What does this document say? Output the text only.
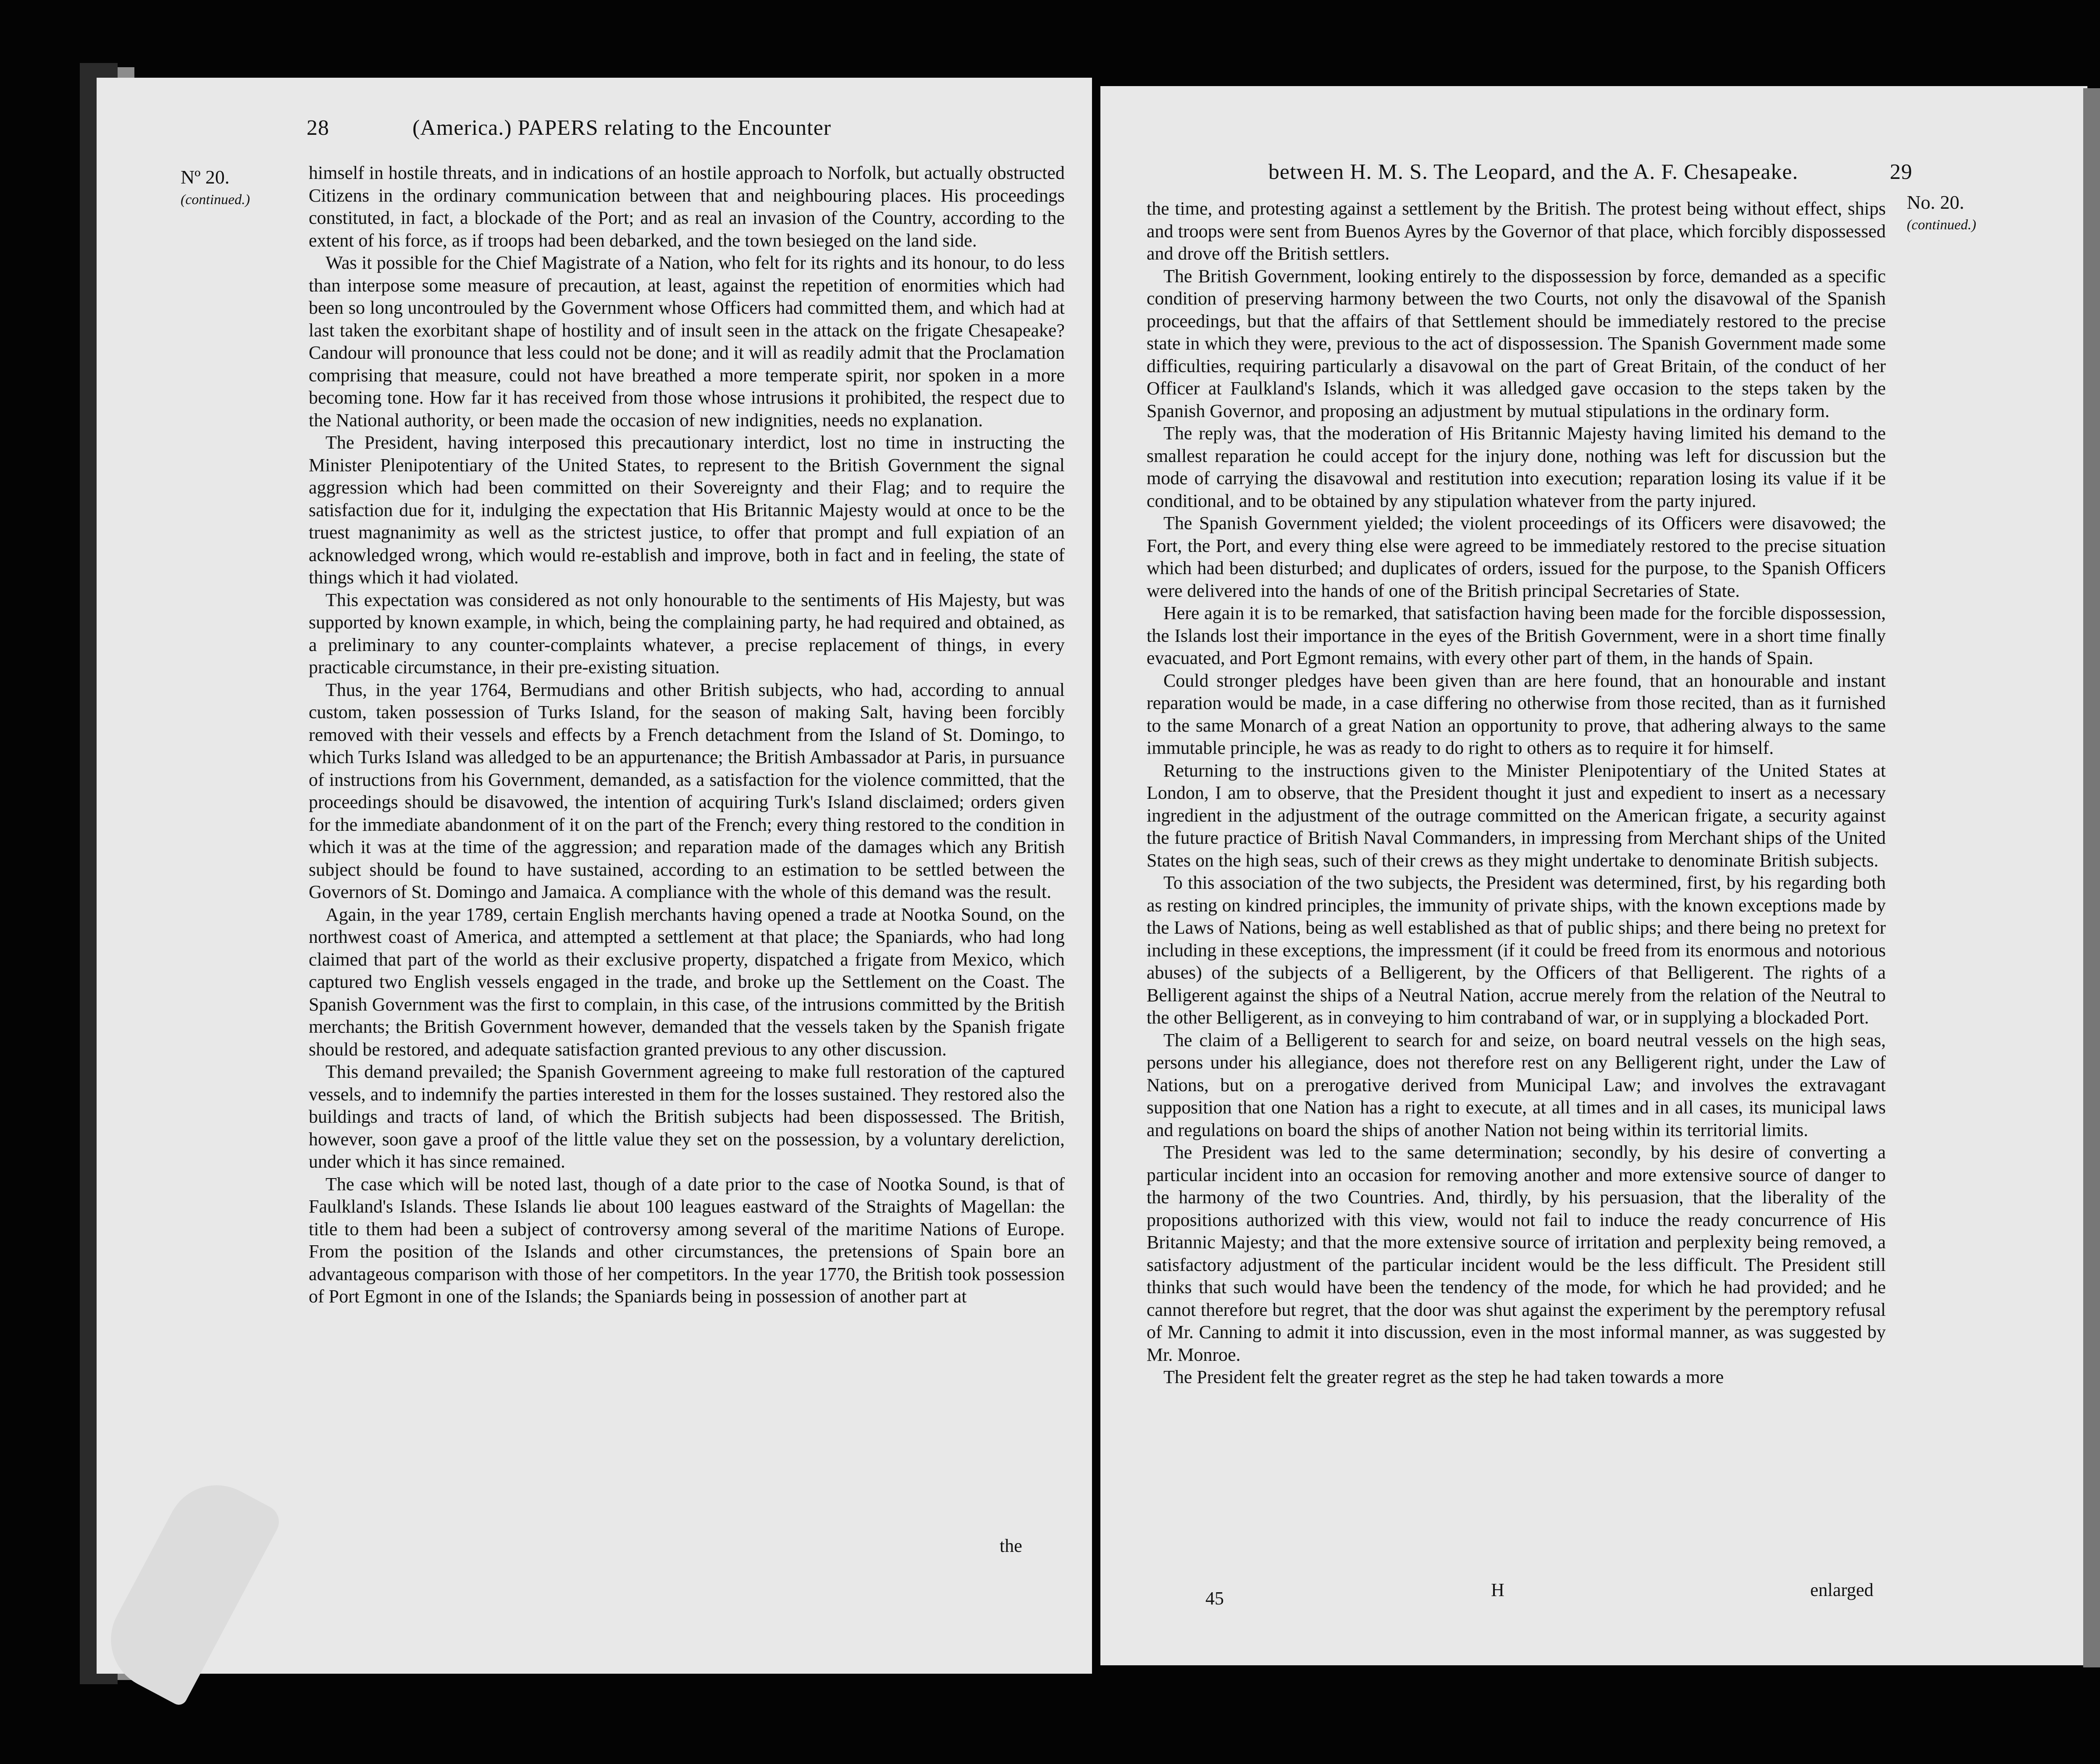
28	(America.) PAPERS relating to the Encounter
Nº 20.
(continued.)

himself in hostile threats, and in indications of an hostile approach to Norfolk, but actually obstructed Citizens in the ordinary communication between that and neighbouring places. His proceedings constituted, in fact, a blockade of the Port; and as real an invasion of the Country, according to the extent of his force, as if troops had been debarked, and the town besieged on the land side.

Was it possible for the Chief Magistrate of a Nation, who felt for its rights and its honour, to do less than interpose some measure of precaution, at least, against the repetition of enormities which had been so long uncontrouled by the Government whose Officers had committed them, and which had at last taken the exorbitant shape of hostility and of insult seen in the attack on the frigate Chesapeake? Candour will pronounce that less could not be done; and it will as readily admit that the Proclamation comprising that measure, could not have breathed a more temperate spirit, nor spoken in a more becoming tone. How far it has received from those whose intrusions it prohibited, the respect due to the National authority, or been made the occasion of new indignities, needs no explanation.

The President, having interposed this precautionary interdict, lost no time in instructing the Minister Plenipotentiary of the United States, to represent to the British Government the signal aggression which had been committed on their Sovereignty and their Flag; and to require the satisfaction due for it, indulging the expectation that His Britannic Majesty would at once to be the truest magnanimity as well as the strictest justice, to offer that prompt and full expiation of an acknowledged wrong, which would re-establish and improve, both in fact and in feeling, the state of things which it had violated.

This expectation was considered as not only honourable to the sentiments of His Majesty, but was supported by known example, in which, being the complaining party, he had required and obtained, as a preliminary to any counter-complaints whatever, a precise replacement of things, in every practicable circumstance, in their pre-existing situation.

Thus, in the year 1764, Bermudians and other British subjects, who had, according to annual custom, taken possession of Turks Island, for the season of making Salt, having been forcibly removed with their vessels and effects by a French detachment from the Island of St. Domingo, to which Turks Island was alledged to be an appurtenance; the British Ambassador at Paris, in pursuance of instructions from his Government, demanded, as a satisfaction for the violence committed, that the proceedings should be disavowed, the intention of acquiring Turk's Island disclaimed; orders given for the immediate abandonment of it on the part of the French; every thing restored to the condition in which it was at the time of the aggression; and reparation made of the damages which any British subject should be found to have sustained, according to an estimation to be settled between the Governors of St. Domingo and Jamaica. A compliance with the whole of this demand was the result.

Again, in the year 1789, certain English merchants having opened a trade at Nootka Sound, on the northwest coast of America, and attempted a settlement at that place; the Spaniards, who had long claimed that part of the world as their exclusive property, dispatched a frigate from Mexico, which captured two English vessels engaged in the trade, and broke up the Settlement on the Coast. The Spanish Government was the first to complain, in this case, of the intrusions committed by the British merchants; the British Government however, demanded that the vessels taken by the Spanish frigate should be restored, and adequate satisfaction granted previous to any other discussion.

This demand prevailed; the Spanish Government agreeing to make full restoration of the captured vessels, and to indemnify the parties interested in them for the losses sustained. They restored also the buildings and tracts of land, of which the British subjects had been dispossessed. The British, however, soon gave a proof of the little value they set on the possession, by a voluntary dereliction, under which it has since remained.

The case which will be noted last, though of a date prior to the case of Nootka Sound, is that of Faulkland's Islands. These Islands lie about 100 leagues eastward of the Straights of Magellan: the title to them had been a subject of controversy among several of the maritime Nations of Europe. From the position of the Islands and other circumstances, the pretensions of Spain bore an advantageous comparison with those of her competitors. In the year 1770, the British took possession of Port Egmont in one of the Islands; the Spaniards being in possession of another part at

the
between H. M. S. The Leopard, and the A. F. Chesapeake.	29
No. 20.
(continued.)

the time, and protesting against a settlement by the British. The protest being without effect, ships and troops were sent from Buenos Ayres by the Governor of that place, which forcibly dispossessed and drove off the British settlers.

The British Government, looking entirely to the dispossession by force, demanded as a specific condition of preserving harmony between the two Courts, not only the disavowal of the Spanish proceedings, but that the affairs of that Settlement should be immediately restored to the precise state in which they were, previous to the act of dispossession. The Spanish Government made some difficulties, requiring particularly a disavowal on the part of Great Britain, of the conduct of her Officer at Faulkland's Islands, which it was alledged gave occasion to the steps taken by the Spanish Governor, and proposing an adjustment by mutual stipulations in the ordinary form.

The reply was, that the moderation of His Britannic Majesty having limited his demand to the smallest reparation he could accept for the injury done, nothing was left for discussion but the mode of carrying the disavowal and restitution into execution; reparation losing its value if it be conditional, and to be obtained by any stipulation whatever from the party injured.

The Spanish Government yielded; the violent proceedings of its Officers were disavowed; the Fort, the Port, and every thing else were agreed to be immediately restored to the precise situation which had been disturbed; and duplicates of orders, issued for the purpose, to the Spanish Officers were delivered into the hands of one of the British principal Secretaries of State.

Here again it is to be remarked, that satisfaction having been made for the forcible dispossession, the Islands lost their importance in the eyes of the British Government, were in a short time finally evacuated, and Port Egmont remains, with every other part of them, in the hands of Spain.

Could stronger pledges have been given than are here found, that an honourable and instant reparation would be made, in a case differing no otherwise from those recited, than as it furnished to the same Monarch of a great Nation an opportunity to prove, that adhering always to the same immutable principle, he was as ready to do right to others as to require it for himself.

Returning to the instructions given to the Minister Plenipotentiary of the United States at London, I am to observe, that the President thought it just and expedient to insert as a necessary ingredient in the adjustment of the outrage committed on the American frigate, a security against the future practice of British Naval Commanders, in impressing from Merchant ships of the United States on the high seas, such of their crews as they might undertake to denominate British subjects.

To this association of the two subjects, the President was determined, first, by his regarding both as resting on kindred principles, the immunity of private ships, with the known exceptions made by the Laws of Nations, being as well established as that of public ships; and there being no pretext for including in these exceptions, the impressment (if it could be freed from its enormous and notorious abuses) of the subjects of a Belligerent, by the Officers of that Belligerent. The rights of a Belligerent against the ships of a Neutral Nation, accrue merely from the relation of the Neutral to the other Belligerent, as in conveying to him contraband of war, or in supplying a blockaded Port.

The claim of a Belligerent to search for and seize, on board neutral vessels on the high seas, persons under his allegiance, does not therefore rest on any Belligerent right, under the Law of Nations, but on a prerogative derived from Municipal Law; and involves the extravagant supposition that one Nation has a right to execute, at all times and in all cases, its municipal laws and regulations on board the ships of another Nation not being within its territorial limits.

The President was led to the same determination; secondly, by his desire of converting a particular incident into an occasion for removing another and more extensive source of danger to the harmony of the two Countries. And, thirdly, by his persuasion, that the liberality of the propositions authorized with this view, would not fail to induce the ready concurrence of His Britannic Majesty; and that the more extensive source of irritation and perplexity being removed, a satisfactory adjustment of the particular incident would be the less difficult. The President still thinks that such would have been the tendency of the mode, for which he had provided; and he cannot therefore but regret, that the door was shut against the experiment by the peremptory refusal of Mr. Canning to admit it into discussion, even in the most informal manner, as was suggested by Mr. Monroe.

The President felt the greater regret as the step he had taken towards a more

45	H	enlarged
